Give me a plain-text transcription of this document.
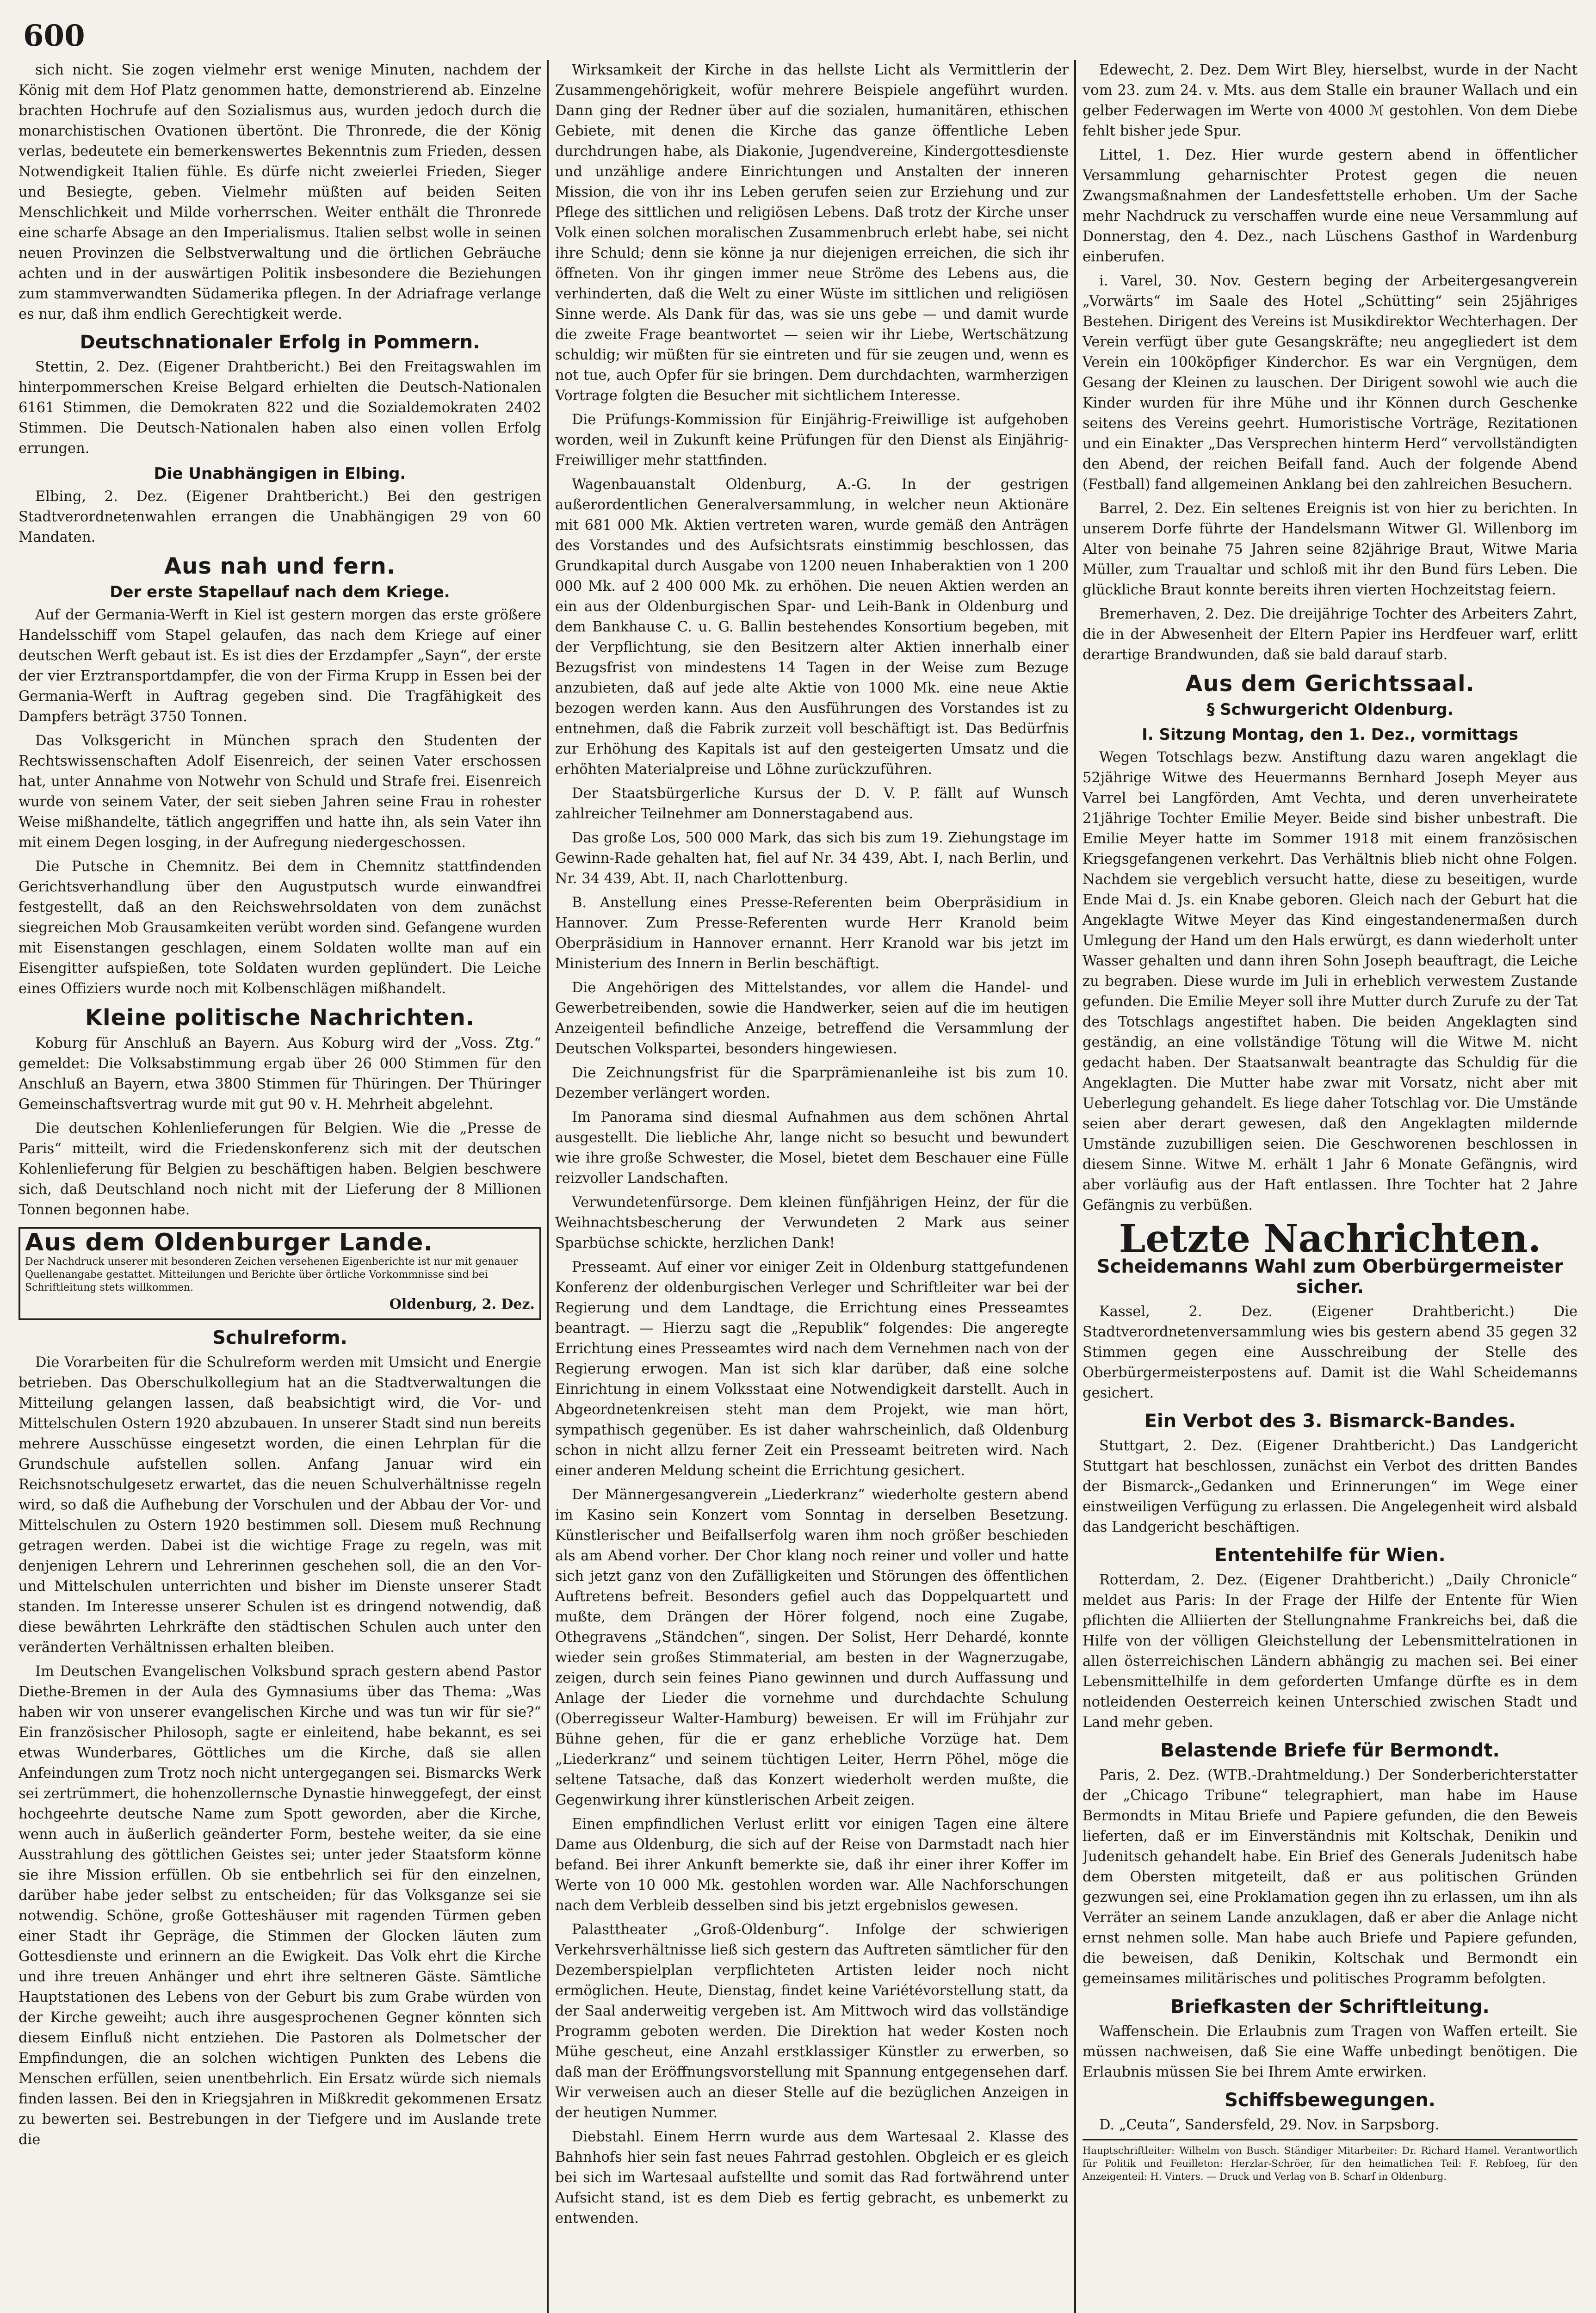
600

sich nicht. Sie zogen vielmehr erst wenige Minuten, nachdem der König mit dem Hof Platz genommen hatte, demonstrierend ab. Einzelne brachten Hochrufe auf den Sozialismus aus, wurden jedoch durch die monarchistischen Ovationen übertönt. Die Thronrede, die der König verlas, bedeutete ein bemerkenswertes Bekenntnis zum Frieden, dessen Notwendigkeit Italien fühle. Es dürfe nicht zweierlei Frieden, Sieger und Besiegte, geben. Vielmehr müßten auf beiden Seiten Menschlichkeit und Milde vorherrschen. Weiter enthält die Thronrede eine scharfe Absage an den Imperialismus. Italien selbst wolle in seinen neuen Provinzen die Selbstverwaltung und die örtlichen Gebräuche achten und in der auswärtigen Politik insbesondere die Beziehungen zum stammverwandten Südamerika pflegen. In der Adriafrage verlange es nur, daß ihm endlich Gerechtigkeit werde.

Deutschnationaler Erfolg in Pommern.

Stettin, 2. Dez. (Eigener Drahtbericht.) Bei den Freitagswahlen im hinterpommerschen Kreise Belgard erhielten die Deutsch-Nationalen 6161 Stimmen, die Demokraten 822 und die Sozialdemokraten 2402 Stimmen. Die Deutsch-Nationalen haben also einen vollen Erfolg errungen.

Die Unabhängigen in Elbing.

Elbing, 2. Dez. (Eigener Drahtbericht.) Bei den gestrigen Stadtverordnetenwahlen errangen die Unabhängigen 29 von 60 Mandaten.

Aus nah und fern.
Der erste Stapellauf nach dem Kriege.

Auf der Germania-Werft in Kiel ist gestern morgen das erste größere Handelsschiff vom Stapel gelaufen, das nach dem Kriege auf einer deutschen Werft gebaut ist. Es ist dies der Erzdampfer „Sayn“, der erste der vier Erztransportdampfer, die von der Firma Krupp in Essen bei der Germania-Werft in Auftrag gegeben sind. Die Tragfähigkeit des Dampfers beträgt 3750 Tonnen.

Das Volksgericht in München sprach den Studenten der Rechtswissenschaften Adolf Eisenreich, der seinen Vater erschossen hat, unter Annahme von Notwehr von Schuld und Strafe frei. Eisenreich wurde von seinem Vater, der seit sieben Jahren seine Frau in rohester Weise mißhandelte, tätlich angegriffen und hatte ihn, als sein Vater ihn mit einem Degen losging, in der Aufregung niedergeschossen.

Die Putsche in Chemnitz. Bei dem in Chemnitz stattfindenden Gerichtsverhandlung über den Augustputsch wurde einwandfrei festgestellt, daß an den Reichswehrsoldaten von dem zunächst siegreichen Mob Grausamkeiten verübt worden sind. Gefangene wurden mit Eisenstangen geschlagen, einem Soldaten wollte man auf ein Eisengitter aufspießen, tote Soldaten wurden geplündert. Die Leiche eines Offiziers wurde noch mit Kolbenschlägen mißhandelt.

Kleine politische Nachrichten.

Koburg für Anschluß an Bayern. Aus Koburg wird der „Voss. Ztg.“ gemeldet: Die Volksabstimmung ergab über 26 000 Stimmen für den Anschluß an Bayern, etwa 3800 Stimmen für Thüringen. Der Thüringer Gemeinschaftsvertrag wurde mit gut 90 v. H. Mehrheit abgelehnt.

Die deutschen Kohlenlieferungen für Belgien. Wie die „Presse de Paris“ mitteilt, wird die Friedenskonferenz sich mit der deutschen Kohlenlieferung für Belgien zu beschäftigen haben. Belgien beschwere sich, daß Deutschland noch nicht mit der Lieferung der 8 Millionen Tonnen begonnen habe.

Aus dem Oldenburger Lande.
Der Nachdruck unserer mit besonderen Zeichen versehenen Eigenberichte ist nur mit genauer Quellenangabe gestattet. Mitteilungen und Berichte über örtliche Vorkommnisse sind bei Schriftleitung stets willkommen.
Oldenburg, 2. Dez.
Schulreform.

Die Vorarbeiten für die Schulreform werden mit Umsicht und Energie betrieben. Das Oberschulkollegium hat an die Stadtverwaltungen die Mitteilung gelangen lassen, daß beabsichtigt wird, die Vor- und Mittelschulen Ostern 1920 abzubauen. In unserer Stadt sind nun bereits mehrere Ausschüsse eingesetzt worden, die einen Lehrplan für die Grundschule aufstellen sollen. Anfang Januar wird ein Reichsnotschulgesetz erwartet, das die neuen Schulverhältnisse regeln wird, so daß die Aufhebung der Vorschulen und der Abbau der Vor- und Mittelschulen zu Ostern 1920 bestimmen soll. Diesem muß Rechnung getragen werden. Dabei ist die wichtige Frage zu regeln, was mit denjenigen Lehrern und Lehrerinnen geschehen soll, die an den Vor- und Mittelschulen unterrichten und bisher im Dienste unserer Stadt standen. Im Interesse unserer Schulen ist es dringend notwendig, daß diese bewährten Lehrkräfte den städtischen Schulen auch unter den veränderten Verhältnissen erhalten bleiben.

Im Deutschen Evangelischen Volksbund sprach gestern abend Pastor Diethe-Bremen in der Aula des Gymnasiums über das Thema: „Was haben wir von unserer evangelischen Kirche und was tun wir für sie?“ Ein französischer Philosoph, sagte er einleitend, habe bekannt, es sei etwas Wunderbares, Göttliches um die Kirche, daß sie allen Anfeindungen zum Trotz noch nicht untergegangen sei. Bismarcks Werk sei zertrümmert, die hohenzollernsche Dynastie hinweggefegt, der einst hochgeehrte deutsche Name zum Spott geworden, aber die Kirche, wenn auch in äußerlich geänderter Form, bestehe weiter, da sie eine Ausstrahlung des göttlichen Geistes sei; unter jeder Staatsform könne sie ihre Mission erfüllen. Ob sie entbehrlich sei für den einzelnen, darüber habe jeder selbst zu entscheiden; für das Volksganze sei sie notwendig. Schöne, große Gotteshäuser mit ragenden Türmen geben einer Stadt ihr Gepräge, die Stimmen der Glocken läuten zum Gottesdienste und erinnern an die Ewigkeit. Das Volk ehrt die Kirche und ihre treuen Anhänger und ehrt ihre seltneren Gäste. Sämtliche Hauptstationen des Lebens von der Geburt bis zum Grabe würden von der Kirche geweiht; auch ihre ausgesprochenen Gegner könnten sich diesem Einfluß nicht entziehen. Die Pastoren als Dolmetscher der Empfindungen, die an solchen wichtigen Punkten des Lebens die Menschen erfüllen, seien unentbehrlich. Ein Ersatz würde sich niemals finden lassen. Bei den in Kriegsjahren in Mißkredit gekommenen Ersatz zu bewerten sei. Bestrebungen in der Tiefgere und im Auslande trete die

Wirksamkeit der Kirche in das hellste Licht als Vermittlerin der Zusammengehörigkeit, wofür mehrere Beispiele angeführt wurden. Dann ging der Redner über auf die sozialen, humanitären, ethischen Gebiete, mit denen die Kirche das ganze öffentliche Leben durchdrungen habe, als Diakonie, Jugendvereine, Kindergottesdienste und unzählige andere Einrichtungen und Anstalten der inneren Mission, die von ihr ins Leben gerufen seien zur Erziehung und zur Pflege des sittlichen und religiösen Lebens. Daß trotz der Kirche unser Volk einen solchen moralischen Zusammenbruch erlebt habe, sei nicht ihre Schuld; denn sie könne ja nur diejenigen erreichen, die sich ihr öffneten. Von ihr gingen immer neue Ströme des Lebens aus, die verhinderten, daß die Welt zu einer Wüste im sittlichen und religiösen Sinne werde. Als Dank für das, was sie uns gebe — und damit wurde die zweite Frage beantwortet — seien wir ihr Liebe, Wertschätzung schuldig; wir müßten für sie eintreten und für sie zeugen und, wenn es not tue, auch Opfer für sie bringen. Dem durchdachten, warmherzigen Vortrage folgten die Besucher mit sichtlichem Interesse.

Die Prüfungs-Kommission für Einjährig-Freiwillige ist aufgehoben worden, weil in Zukunft keine Prüfungen für den Dienst als Einjährig-Freiwilliger mehr stattfinden.

Wagenbauanstalt Oldenburg, A.-G. In der gestrigen außerordentlichen Generalversammlung, in welcher neun Aktionäre mit 681 000 Mk. Aktien vertreten waren, wurde gemäß den Anträgen des Vorstandes und des Aufsichtsrats einstimmig beschlossen, das Grundkapital durch Ausgabe von 1200 neuen Inhaberaktien von 1 200 000 Mk. auf 2 400 000 Mk. zu erhöhen. Die neuen Aktien werden an ein aus der Oldenburgischen Spar- und Leih-Bank in Oldenburg und dem Bankhause C. u. G. Ballin bestehendes Konsortium begeben, mit der Verpflichtung, sie den Besitzern alter Aktien innerhalb einer Bezugsfrist von mindestens 14 Tagen in der Weise zum Bezuge anzubieten, daß auf jede alte Aktie von 1000 Mk. eine neue Aktie bezogen werden kann. Aus den Ausführungen des Vorstandes ist zu entnehmen, daß die Fabrik zurzeit voll beschäftigt ist. Das Bedürfnis zur Erhöhung des Kapitals ist auf den gesteigerten Umsatz und die erhöhten Materialpreise und Löhne zurückzuführen.

Der Staatsbürgerliche Kursus der D. V. P. fällt auf Wunsch zahlreicher Teilnehmer am Donnerstagabend aus.

Das große Los, 500 000 Mark, das sich bis zum 19. Ziehungstage im Gewinn-Rade gehalten hat, fiel auf Nr. 34 439, Abt. I, nach Berlin, und Nr. 34 439, Abt. II, nach Charlottenburg.

B. Anstellung eines Presse-Referenten beim Oberpräsidium in Hannover. Zum Presse-Referenten wurde Herr Kranold beim Oberpräsidium in Hannover ernannt. Herr Kranold war bis jetzt im Ministerium des Innern in Berlin beschäftigt.

Die Angehörigen des Mittelstandes, vor allem die Handel- und Gewerbetreibenden, sowie die Handwerker, seien auf die im heutigen Anzeigenteil befindliche Anzeige, betreffend die Versammlung der Deutschen Volkspartei, besonders hingewiesen.

Die Zeichnungsfrist für die Sparprämienanleihe ist bis zum 10. Dezember verlängert worden.

Im Panorama sind diesmal Aufnahmen aus dem schönen Ahrtal ausgestellt. Die liebliche Ahr, lange nicht so besucht und bewundert wie ihre große Schwester, die Mosel, bietet dem Beschauer eine Fülle reizvoller Landschaften.

Verwundetenfürsorge. Dem kleinen fünfjährigen Heinz, der für die Weihnachtsbescherung der Verwundeten 2 Mark aus seiner Sparbüchse schickte, herzlichen Dank!

Presseamt. Auf einer vor einiger Zeit in Oldenburg stattgefundenen Konferenz der oldenburgischen Verleger und Schriftleiter war bei der Regierung und dem Landtage, die Errichtung eines Presseamtes beantragt. — Hierzu sagt die „Republik“ folgendes: Die angeregte Errichtung eines Presseamtes wird nach dem Vernehmen nach von der Regierung erwogen. Man ist sich klar darüber, daß eine solche Einrichtung in einem Volksstaat eine Notwendigkeit darstellt. Auch in Abgeordnetenkreisen steht man dem Projekt, wie man hört, sympathisch gegenüber. Es ist daher wahrscheinlich, daß Oldenburg schon in nicht allzu ferner Zeit ein Presseamt beitreten wird. Nach einer anderen Meldung scheint die Errichtung gesichert.

Der Männergesangverein „Liederkranz“ wiederholte gestern abend im Kasino sein Konzert vom Sonntag in derselben Besetzung. Künstlerischer und Beifallserfolg waren ihm noch größer beschieden als am Abend vorher. Der Chor klang noch reiner und voller und hatte sich jetzt ganz von den Zufälligkeiten und Störungen des öffentlichen Auftretens befreit. Besonders gefiel auch das Doppelquartett und mußte, dem Drängen der Hörer folgend, noch eine Zugabe, Othegravens „Ständchen“, singen. Der Solist, Herr Dehardé, konnte wieder sein großes Stimmaterial, am besten in der Wagnerzugabe, zeigen, durch sein feines Piano gewinnen und durch Auffassung und Anlage der Lieder die vornehme und durchdachte Schulung (Oberregisseur Walter-Hamburg) beweisen. Er will im Frühjahr zur Bühne gehen, für die er ganz erhebliche Vorzüge hat. Dem „Liederkranz“ und seinem tüchtigen Leiter, Herrn Pöhel, möge die seltene Tatsache, daß das Konzert wiederholt werden mußte, die Gegenwirkung ihrer künstlerischen Arbeit zeigen.

Einen empfindlichen Verlust erlitt vor einigen Tagen eine ältere Dame aus Oldenburg, die sich auf der Reise von Darmstadt nach hier befand. Bei ihrer Ankunft bemerkte sie, daß ihr einer ihrer Koffer im Werte von 10 000 Mk. gestohlen worden war. Alle Nachforschungen nach dem Verbleib desselben sind bis jetzt ergebnislos gewesen.

Palasttheater „Groß-Oldenburg“. Infolge der schwierigen Verkehrsverhältnisse ließ sich gestern das Auftreten sämtlicher für den Dezemberspielplan verpflichteten Artisten leider noch nicht ermöglichen. Heute, Dienstag, findet keine Variétévorstellung statt, da der Saal anderweitig vergeben ist. Am Mittwoch wird das vollständige Programm geboten werden. Die Direktion hat weder Kosten noch Mühe gescheut, eine Anzahl erstklassiger Künstler zu erwerben, so daß man der Eröffnungsvorstellung mit Spannung entgegensehen darf. Wir verweisen auch an dieser Stelle auf die bezüglichen Anzeigen in der heutigen Nummer.

Diebstahl. Einem Herrn wurde aus dem Wartesaal 2. Klasse des Bahnhofs hier sein fast neues Fahrrad gestohlen. Obgleich er es gleich bei sich im Wartesaal aufstellte und somit das Rad fortwährend unter Aufsicht stand, ist es dem Dieb es fertig gebracht, es unbemerkt zu entwenden.

Edewecht, 2. Dez. Dem Wirt Bley, hierselbst, wurde in der Nacht vom 23. zum 24. v. Mts. aus dem Stalle ein brauner Wallach und ein gelber Federwagen im Werte von 4000 ℳ gestohlen. Von dem Diebe fehlt bisher jede Spur.

Littel, 1. Dez. Hier wurde gestern abend in öffentlicher Versammlung geharnischter Protest gegen die neuen Zwangsmaßnahmen der Landesfettstelle erhoben. Um der Sache mehr Nachdruck zu verschaffen wurde eine neue Versammlung auf Donnerstag, den 4. Dez., nach Lüschens Gasthof in Wardenburg einberufen.

i. Varel, 30. Nov. Gestern beging der Arbeitergesangverein „Vorwärts“ im Saale des Hotel „Schütting“ sein 25jähriges Bestehen. Dirigent des Vereins ist Musikdirektor Wechterhagen. Der Verein verfügt über gute Gesangskräfte; neu angegliedert ist dem Verein ein 100köpfiger Kinderchor. Es war ein Vergnügen, dem Gesang der Kleinen zu lauschen. Der Dirigent sowohl wie auch die Kinder wurden für ihre Mühe und ihr Können durch Geschenke seitens des Vereins geehrt. Humoristische Vorträge, Rezitationen und ein Einakter „Das Versprechen hinterm Herd“ vervollständigten den Abend, der reichen Beifall fand. Auch der folgende Abend (Festball) fand allgemeinen Anklang bei den zahlreichen Besuchern.

Barrel, 2. Dez. Ein seltenes Ereignis ist von hier zu berichten. In unserem Dorfe führte der Handelsmann Witwer Gl. Willenborg im Alter von beinahe 75 Jahren seine 82jährige Braut, Witwe Maria Müller, zum Traualtar und schloß mit ihr den Bund fürs Leben. Die glückliche Braut konnte bereits ihren vierten Hochzeitstag feiern.

Bremerhaven, 2. Dez. Die dreijährige Tochter des Arbeiters Zahrt, die in der Abwesenheit der Eltern Papier ins Herdfeuer warf, erlitt derartige Brandwunden, daß sie bald darauf starb.

Aus dem Gerichtssaal.
§ Schwurgericht Oldenburg.
I. Sitzung Montag, den 1. Dez., vormittags

Wegen Totschlags bezw. Anstiftung dazu waren angeklagt die 52jährige Witwe des Heuermanns Bernhard Joseph Meyer aus Varrel bei Langförden, Amt Vechta, und deren unverheiratete 21jährige Tochter Emilie Meyer. Beide sind bisher unbestraft. Die Emilie Meyer hatte im Sommer 1918 mit einem französischen Kriegsgefangenen verkehrt. Das Verhältnis blieb nicht ohne Folgen. Nachdem sie vergeblich versucht hatte, diese zu beseitigen, wurde Ende Mai d. Js. ein Knabe geboren. Gleich nach der Geburt hat die Angeklagte Witwe Meyer das Kind eingestandenermaßen durch Umlegung der Hand um den Hals erwürgt, es dann wiederholt unter Wasser gehalten und dann ihren Sohn Joseph beauftragt, die Leiche zu begraben. Diese wurde im Juli in erheblich verwestem Zustande gefunden. Die Emilie Meyer soll ihre Mutter durch Zurufe zu der Tat des Totschlags angestiftet haben. Die beiden Angeklagten sind geständig, an eine vollständige Tötung will die Witwe M. nicht gedacht haben. Der Staatsanwalt beantragte das Schuldig für die Angeklagten. Die Mutter habe zwar mit Vorsatz, nicht aber mit Ueberlegung gehandelt. Es liege daher Totschlag vor. Die Umstände seien aber derart gewesen, daß den Angeklagten mildernde Umstände zuzubilligen seien. Die Geschworenen beschlossen in diesem Sinne. Witwe M. erhält 1 Jahr 6 Monate Gefängnis, wird aber vorläufig aus der Haft entlassen. Ihre Tochter hat 2 Jahre Gefängnis zu verbüßen.

Letzte Nachrichten.
Scheidemanns Wahl zum Oberbürgermeister sicher.

Kassel, 2. Dez. (Eigener Drahtbericht.) Die Stadtverordnetenversammlung wies bis gestern abend 35 gegen 32 Stimmen gegen eine Ausschreibung der Stelle des Oberbürgermeisterpostens auf. Damit ist die Wahl Scheidemanns gesichert.

Ein Verbot des 3. Bismarck-Bandes.

Stuttgart, 2. Dez. (Eigener Drahtbericht.) Das Landgericht Stuttgart hat beschlossen, zunächst ein Verbot des dritten Bandes der Bismarck-„Gedanken und Erinnerungen“ im Wege einer einstweiligen Verfügung zu erlassen. Die Angelegenheit wird alsbald das Landgericht beschäftigen.

Ententehilfe für Wien.

Rotterdam, 2. Dez. (Eigener Drahtbericht.) „Daily Chronicle“ meldet aus Paris: In der Frage der Hilfe der Entente für Wien pflichten die Alliierten der Stellungnahme Frankreichs bei, daß die Hilfe von der völligen Gleichstellung der Lebensmittelrationen in allen österreichischen Ländern abhängig zu machen sei. Bei einer Lebensmittelhilfe in dem geforderten Umfange dürfte es in dem notleidenden Oesterreich keinen Unterschied zwischen Stadt und Land mehr geben.

Belastende Briefe für Bermondt.

Paris, 2. Dez. (WTB.-Drahtmeldung.) Der Sonderberichterstatter der „Chicago Tribune“ telegraphiert, man habe im Hause Bermondts in Mitau Briefe und Papiere gefunden, die den Beweis lieferten, daß er im Einverständnis mit Koltschak, Denikin und Judenitsch gehandelt habe. Ein Brief des Generals Judenitsch habe dem Obersten mitgeteilt, daß er aus politischen Gründen gezwungen sei, eine Proklamation gegen ihn zu erlassen, um ihn als Verräter an seinem Lande anzuklagen, daß er aber die Anlage nicht ernst nehmen solle. Man habe auch Briefe und Papiere gefunden, die beweisen, daß Denikin, Koltschak und Bermondt ein gemeinsames militärisches und politisches Programm befolgten.

Briefkasten der Schriftleitung.

Waffenschein. Die Erlaubnis zum Tragen von Waffen erteilt. Sie müssen nachweisen, daß Sie eine Waffe unbedingt benötigen. Die Erlaubnis müssen Sie bei Ihrem Amte erwirken.

Schiffsbewegungen.

D. „Ceuta“, Sandersfeld, 29. Nov. in Sarpsborg.

Hauptschriftleiter: Wilhelm von Busch. Ständiger Mitarbeiter: Dr. Richard Hamel. Verantwortlich für Politik und Feuilleton: Herzlar-Schröer, für den heimatlichen Teil: F. Rebfoeg, für den Anzeigenteil: H. Vinters. — Druck und Verlag von B. Scharf in Oldenburg.
